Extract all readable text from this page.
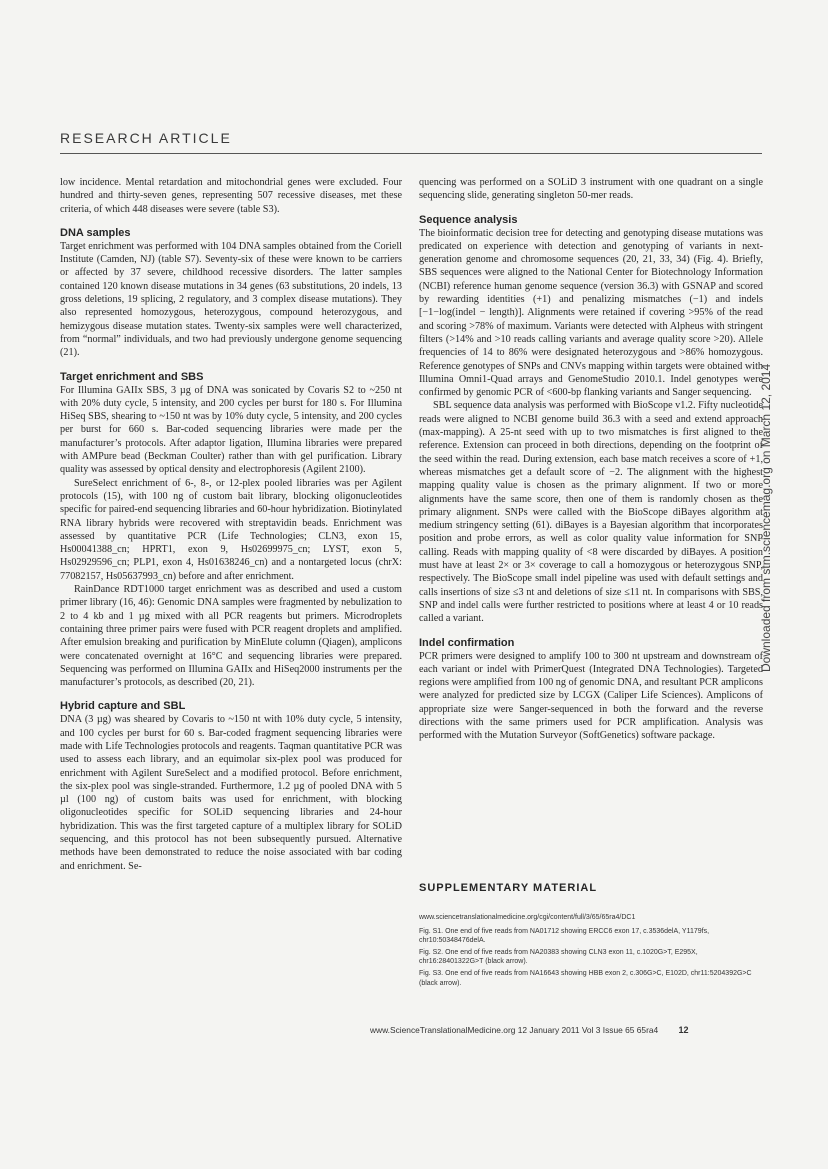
RESEARCH ARTICLE

low incidence. Mental retardation and mitochondrial genes were excluded. Four hundred and thirty-seven genes, representing 507 recessive diseases, met these criteria, of which 448 diseases were severe (table S3).

DNA samples

Target enrichment was performed with 104 DNA samples obtained from the Coriell Institute (Camden, NJ) (table S7). Seventy-six of these were known to be carriers or affected by 37 severe, childhood recessive disorders. The latter samples contained 120 known disease mutations in 34 genes (63 substitutions, 20 indels, 13 gross deletions, 19 splicing, 2 regulatory, and 3 complex disease mutations). They also represented homozygous, heterozygous, compound heterozygous, and hemizygous disease mutation states. Twenty-six samples were well characterized, from “normal” individuals, and two had previously undergone genome sequencing (21).

Target enrichment and SBS

For Illumina GAIIx SBS, 3 µg of DNA was sonicated by Covaris S2 to ~250 nt with 20% duty cycle, 5 intensity, and 200 cycles per burst for 180 s. For Illumina HiSeq SBS, shearing to ~150 nt was by 10% duty cycle, 5 intensity, and 200 cycles per burst for 660 s. Bar-coded sequencing libraries were made per the manufacturer’s protocols. After adaptor ligation, Illumina libraries were prepared with AMPure bead (Beckman Coulter) rather than with gel purification. Library quality was assessed by optical density and electrophoresis (Agilent 2100).

SureSelect enrichment of 6-, 8-, or 12-plex pooled libraries was per Agilent protocols (15), with 100 ng of custom bait library, blocking oligonucleotides specific for paired-end sequencing libraries and 60-hour hybridization. Biotinylated RNA library hybrids were recovered with streptavidin beads. Enrichment was assessed by quantitative PCR (Life Technologies; CLN3, exon 15, Hs00041388_cn; HPRT1, exon 9, Hs02699975_cn; LYST, exon 5, Hs02929596_cn; PLP1, exon 4, Hs01638246_cn) and a nontargeted locus (chrX: 77082157, Hs05637993_cn) before and after enrichment.

RainDance RDT1000 target enrichment was as described and used a custom primer library (16, 46): Genomic DNA samples were fragmented by nebulization to 2 to 4 kb and 1 µg mixed with all PCR reagents but primers. Microdroplets containing three primer pairs were fused with PCR reagent droplets and amplified. After emulsion breaking and purification by MinElute column (Qiagen), amplicons were concatenated overnight at 16°C and sequencing libraries were prepared. Sequencing was performed on Illumina GAIIx and HiSeq2000 instruments per the manufacturer’s protocols, as described (20, 21).

Hybrid capture and SBL

DNA (3 µg) was sheared by Covaris to ~150 nt with 10% duty cycle, 5 intensity, and 100 cycles per burst for 60 s. Bar-coded fragment sequencing libraries were made with Life Technologies protocols and reagents. Taqman quantitative PCR was used to assess each library, and an equimolar six-plex pool was produced for enrichment with Agilent SureSelect and a modified protocol. Before enrichment, the six-plex pool was single-stranded. Furthermore, 1.2 µg of pooled DNA with 5 µl (100 ng) of custom baits was used for enrichment, with blocking oligonucleotides specific for SOLiD sequencing libraries and 24-hour hybridization. This was the first targeted capture of a multiplex library for SOLiD sequencing, and this protocol has not been subsequently pursued. Alternative methods have been demonstrated to reduce the noise associated with bar coding and enrichment. Se-

quencing was performed on a SOLiD 3 instrument with one quadrant on a single sequencing slide, generating singleton 50-mer reads.

Sequence analysis

The bioinformatic decision tree for detecting and genotyping disease mutations was predicated on experience with detection and genotyping of variants in next-generation genome and chromosome sequences (20, 21, 33, 34) (Fig. 4). Briefly, SBS sequences were aligned to the National Center for Biotechnology Information (NCBI) reference human genome sequence (version 36.3) with GSNAP and scored by rewarding identities (+1) and penalizing mismatches (−1) and indels [−1−log(indel − length)]. Alignments were retained if covering >95% of the read and scoring >78% of maximum. Variants were detected with Alpheus with stringent filters (>14% and >10 reads calling variants and average quality score >20). Allele frequencies of 14 to 86% were designated heterozygous and >86% homozygous. Reference genotypes of SNPs and CNVs mapping within targets were obtained with Illumina Omni1-Quad arrays and GenomeStudio 2010.1. Indel genotypes were confirmed by genomic PCR of <600-bp flanking variants and Sanger sequencing.

SBL sequence data analysis was performed with BioScope v1.2. Fifty nucleotide reads were aligned to NCBI genome build 36.3 with a seed and extend approach (max-mapping). A 25-nt seed with up to two mismatches is first aligned to the reference. Extension can proceed in both directions, depending on the footprint of the seed within the read. During extension, each base match receives a score of +1, whereas mismatches get a default score of −2. The alignment with the highest mapping quality value is chosen as the primary alignment. If two or more alignments have the same score, then one of them is randomly chosen as the primary alignment. SNPs were called with the BioScope diBayes algorithm at medium stringency setting (61). diBayes is a Bayesian algorithm that incorporates position and probe errors, as well as color quality value information for SNP calling. Reads with mapping quality of <8 were discarded by diBayes. A position must have at least 2× or 3× coverage to call a homozygous or heterozygous SNP, respectively. The BioScope small indel pipeline was used with default settings and calls insertions of size ≤3 nt and deletions of size ≤11 nt. In comparisons with SBS, SNP and indel calls were further restricted to positions where at least 4 or 10 reads called a variant.

Indel confirmation

PCR primers were designed to amplify 100 to 300 nt upstream and downstream of each variant or indel with PrimerQuest (Integrated DNA Technologies). Targeted regions were amplified from 100 ng of genomic DNA, and resultant PCR amplicons were analyzed for predicted size by LCGX (Caliper Life Sciences). Amplicons of appropriate size were Sanger-sequenced in both the forward and the reverse directions with the same primers used for PCR amplification. Analysis was performed with the Mutation Surveyor (SoftGenetics) software package.

SUPPLEMENTARY MATERIAL

www.sciencetranslationalmedicine.org/cgi/content/full/3/65/65ra4/DC1

Fig. S1. One end of five reads from NA01712 showing ERCC6 exon 17, c.3536delA, Y1179fs, chr10:50348476delA.

Fig. S2. One end of five reads from NA20383 showing CLN3 exon 11, c.1020G>T, E295X, chr16:28401322G>T (black arrow).

Fig. S3. One end of five reads from NA16643 showing HBB exon 2, c.306G>C, E102D, chr11:5204392G>C (black arrow).

Downloaded from stm.sciencemag.org on March 12, 2014
www.ScienceTranslationalMedicine.org 12 January 2011 Vol 3 Issue 65 65ra4 12
